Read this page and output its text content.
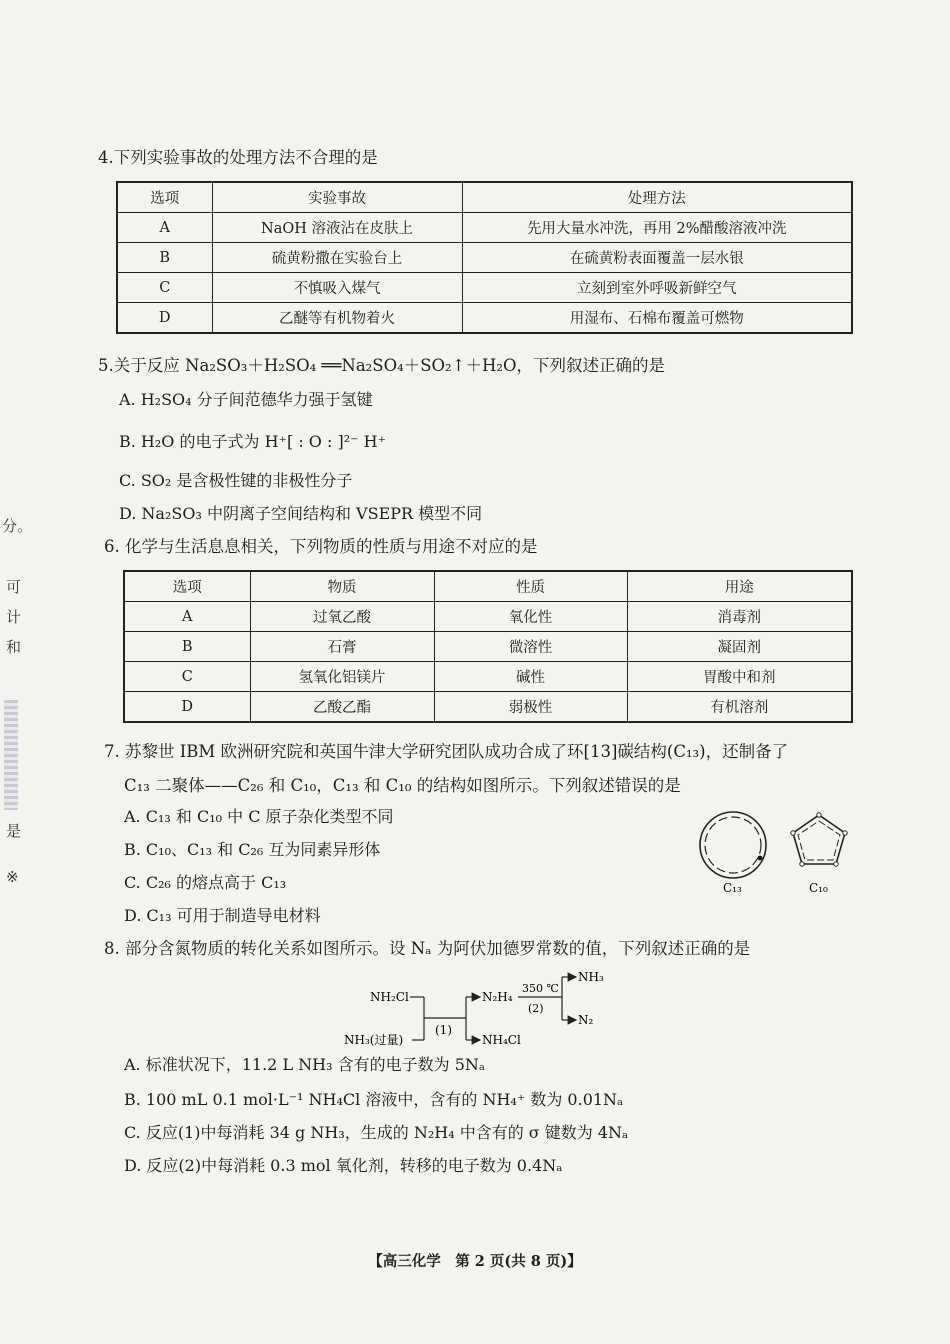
分。
可
计
和
是
※
4.下列实验事故的处理方法不合理的是
选项	实验事故	处理方法
A	NaOH 溶液沾在皮肤上	先用大量水冲洗，再用 2%醋酸溶液冲洗
B	硫黄粉撒在实验台上	在硫黄粉表面覆盖一层水银
C	不慎吸入煤气	立刻到室外呼吸新鲜空气
D	乙醚等有机物着火	用湿布、石棉布覆盖可燃物
5.关于反应 Na₂SO₃＋H₂SO₄ ══Na₂SO₄＋SO₂↑＋H₂O，下列叙述正确的是
A. H₂SO₄ 分子间范德华力强于氢键
B. H₂O 的电子式为 H⁺[ : O : ]²⁻ H⁺
C. SO₂ 是含极性键的非极性分子
D. Na₂SO₃ 中阴离子空间结构和 VSEPR 模型不同
6. 化学与生活息息相关，下列物质的性质与用途不对应的是
选项	物质	性质	用途
A	过氧乙酸	氧化性	消毒剂
B	石膏	微溶性	凝固剂
C	氢氧化铝镁片	碱性	胃酸中和剂
D	乙酸乙酯	弱极性	有机溶剂
7. 苏黎世 IBM 欧洲研究院和英国牛津大学研究团队成功合成了环[13]碳结构(C₁₃)，还制备了
C₁₃ 二聚体——C₂₆ 和 C₁₀，C₁₃ 和 C₁₀ 的结构如图所示。下列叙述错误的是
A. C₁₃ 和 C₁₀ 中 C 原子杂化类型不同
B. C₁₀、C₁₃ 和 C₂₆ 互为同素异形体
C. C₂₆ 的熔点高于 C₁₃
D. C₁₃ 可用于制造导电材料
C₁₃	C₁₀
8. 部分含氮物质的转化关系如图所示。设 Nₐ 为阿伏加德罗常数的值，下列叙述正确的是
NH₂Cl
NH₃(过量)
(1)
N₂H₄
NH₄Cl
350 ℃
(2)
NH₃
N₂
A. 标准状况下，11.2 L NH₃ 含有的电子数为 5Nₐ
B. 100 mL 0.1 mol·L⁻¹ NH₄Cl 溶液中，含有的 NH₄⁺ 数为 0.01Nₐ
C. 反应(1)中每消耗 34 g NH₃，生成的 N₂H₄ 中含有的 σ 键数为 4Nₐ
D. 反应(2)中每消耗 0.3 mol 氧化剂，转移的电子数为 0.4Nₐ
【高三化学　第 2 页(共 8 页)】
